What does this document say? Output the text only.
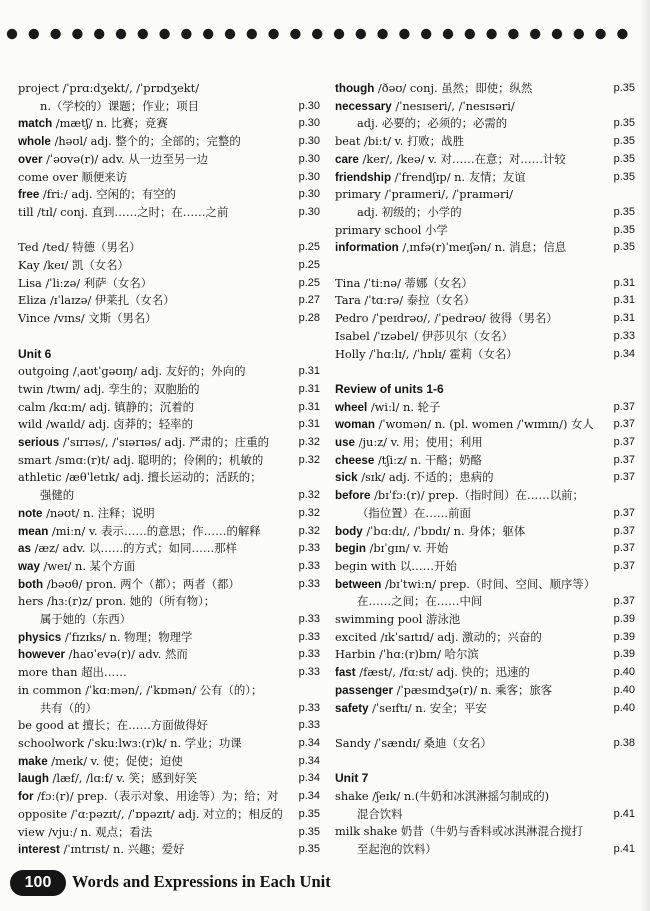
project /ˈprɑːdʒekt/, /ˈprɒdʒekt/
n.（学校的）课题；作业；项目	p.30
match /mætʃ/ n. 比赛；竞赛	p.30
whole /həʊl/ adj. 整个的；全部的；完整的	p.30
over /ˈəʊvə(r)/ adv. 从一边至另一边	p.30
come over 顺便来访	p.30
free /friː/ adj. 空闲的；有空的	p.30
till /tɪl/ conj. 直到……之时；在……之前	p.30
Ted /ted/ 特德（男名）	p.25
Kay /keɪ/ 凯（女名）	p.25
Lisa /ˈliːzə/ 利萨（女名）	p.25
Eliza /ɪˈlaɪzə/ 伊莱扎（女名）	p.27
Vince /vɪns/ 文斯（男名）	p.28
Unit 6
outgoing /ˌaʊtˈgəʊɪŋ/ adj. 友好的；外向的	p.31
twin /twɪn/ adj. 孪生的；双胞胎的	p.31
calm /kɑːm/ adj. 镇静的；沉着的	p.31
wild /waɪld/ adj. 卤莽的；轻率的	p.31
serious /ˈsɪrɪəs/, /ˈsɪərɪəs/ adj. 严肃的；庄重的	p.32
smart /smɑː(r)t/ adj. 聪明的；伶俐的；机敏的	p.32
athletic /æθˈletɪk/ adj. 擅长运动的；活跃的；
强健的	p.32
note /nəʊt/ n. 注释；说明	p.32
mean /miːn/ v. 表示……的意思；作……的解释	p.32
as /æz/ adv. 以……的方式；如同……那样	p.33
way /weɪ/ n. 某个方面	p.33
both /bəʊθ/ pron. 两个（都）；两者（都）	p.33
hers /hɜː(r)z/ pron. 她的（所有物）；
属于她的（东西）	p.33
physics /ˈfɪzɪks/ n. 物理；物理学	p.33
however /haʊˈevə(r)/ adv. 然而	p.33
more than 超出……	p.33
in common /ˈkɑːmən/, /ˈkɒmən/ 公有（的）；
共有（的）	p.33
be good at 擅长；在……方面做得好	p.33
schoolwork /ˈskuːlwɜː(r)k/ n. 学业；功课	p.34
make /meɪk/ v. 使；促使；迫使	p.34
laugh /læf/, /lɑːf/ v. 笑；感到好笑	p.34
for /fɔː(r)/ prep.（表示对象、用途等）为；给；对 p.34
opposite /ˈɑːpəzɪt/, /ˈɒpəzɪt/ adj. 对立的；相反的 p.35
view /vjuː/ n. 观点；看法	p.35
interest /ˈɪntrɪst/ n. 兴趣；爱好	p.35
though /ðəʊ/ conj. 虽然；即使；纵然	p.35
necessary /ˈnesɪseri/, /ˈnesɪsəri/
adj. 必要的；必须的；必需的	p.35
beat /biːt/ v. 打败；战胜	p.35
care /ker/, /keə/ v. 对……在意；对……计较	p.35
friendship /ˈfrendʃɪp/ n. 友情；友谊	p.35
primary /ˈpraɪmeri/, /ˈpraɪməri/
adj. 初级的；小学的	p.35
primary school 小学	p.35
information /ˌɪnfə(r)ˈmeɪʃən/ n. 消息；信息	p.35
Tina /ˈtiːnə/ 蒂娜（女名）	p.31
Tara /ˈtɑːrə/ 泰拉（女名）	p.31
Pedro /ˈpeɪdrəʊ/, /ˈpedrəʊ/ 彼得（男名）	p.31
Isabel /ˈɪzəbel/ 伊莎贝尔（女名）	p.33
Holly /ˈhɑːlɪ/, /ˈhɒlɪ/ 霍莉（女名）	p.34
Review of units 1-6
wheel /wiːl/ n. 轮子	p.37
woman /ˈwʊmən/ n. (pl. women /ˈwɪmɪn/) 女人 p.37
use /juːz/ v. 用；使用；利用	p.37
cheese /tʃiːz/ n. 干酪；奶酪	p.37
sick /sɪk/ adj. 不适的；患病的	p.37
before /bɪˈfɔː(r)/ prep.（指时间）在……以前；
（指位置）在……前面	p.37
body /ˈbɑːdɪ/, /ˈbɒdɪ/ n. 身体；躯体	p.37
begin /bɪˈgɪn/ v. 开始	p.37
begin with 以……开始	p.37
between /bɪˈtwiːn/ prep.（时间、空间、顺序等）
在……之间；在……中间	p.37
swimming pool 游泳池	p.39
excited /ɪkˈsaɪtɪd/ adj. 激动的；兴奋的	p.39
Harbin /ˈhɑː(r)bɪn/ 哈尔滨	p.39
fast /fæst/, /fɑːst/ adj. 快的；迅速的	p.40
passenger /ˈpæsɪndʒə(r)/ n. 乘客；旅客	p.40
safety /ˈseɪftɪ/ n. 安全；平安	p.40
Sandy /ˈsændɪ/ 桑迪（女名）	p.38
Unit 7
shake /ʃeɪk/ n.(牛奶和冰淇淋摇匀制成的)
混合饮料	p.41
milk shake 奶昔（牛奶与香料或冰淇淋混合搅打
至起泡的饮料）	p.41
100	Words and Expressions in Each Unit
